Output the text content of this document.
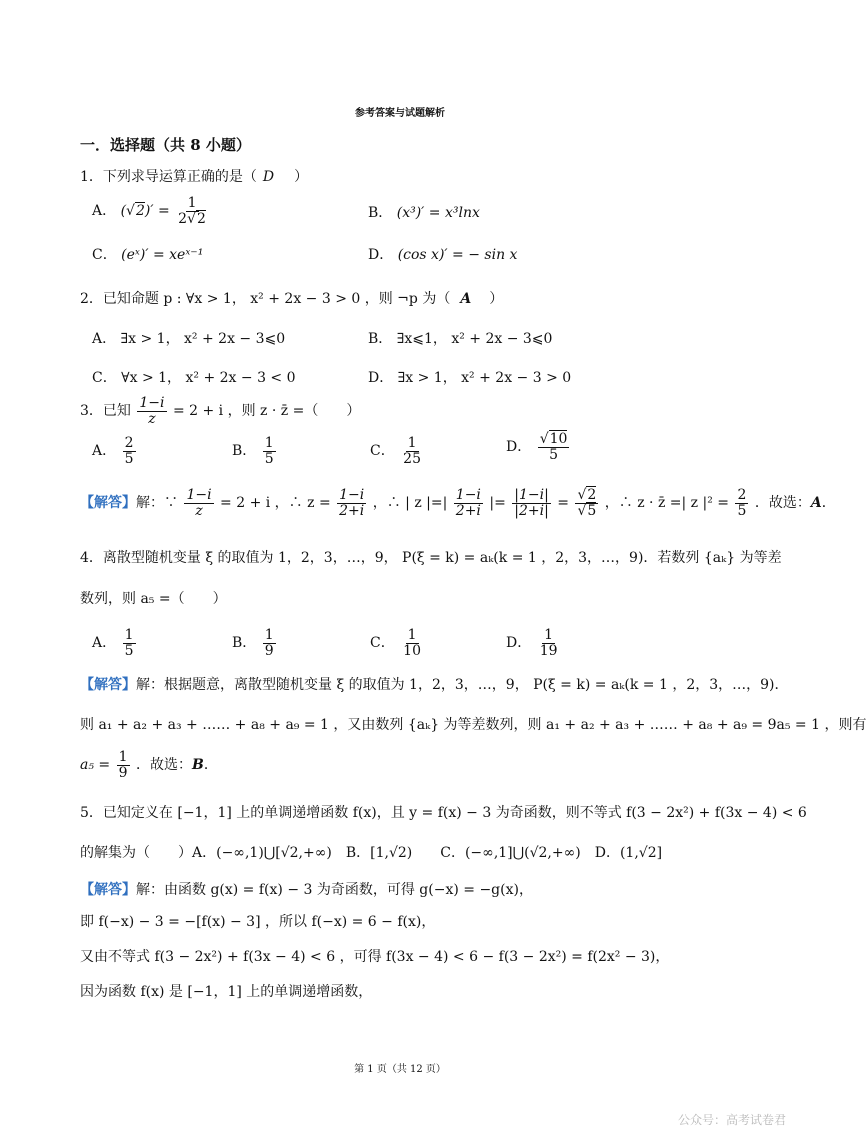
参考答案与试题解析
一．选择题（共 8 小题）
1．下列求导运算正确的是（ D ）
A． $(√2)' = \frac{1}{2√2}$	B． (x³)′ = x³lnx
C． (eˣ)′ = xeˣ⁻¹	D． (cos x)′ = − sin x
2．已知命题 p : ∀x > 1， x² + 2x − 3 > 0 ，则 ¬p 为（ A ）
A． ∃x > 1， x² + 2x − 3⩽0	B． ∃x⩽1， x² + 2x − 3⩽0
C． ∀x > 1， x² + 2x − 3 < 0	D． ∃x > 1， x² + 2x − 3 > 0
3．已知 $\frac{1-i}{z} = 2 + i$ ，则 z · z̄ =（　　）
A． $\frac{2}{5}$	B． $\frac{1}{5}$	C． $\frac{1}{25}$	D． $\frac{√10}{5}$
【解答】解：∵ $\frac{1-i}{z} = 2 + i$ ，∴ $z = \frac{1-i}{2+i}$ ，∴ | z |=| $\frac{1-i}{2+i}$ |= $\frac{|1-i|}{|2+i|} = \frac{√2}{√5}$ ，∴ z · z̄ =| z $|^2 = \frac{2}{5}$ ．故选：A．
4．离散型随机变量 ξ 的取值为 1，2，3，…，9， P(ξ = k) = aₖ(k = 1 ，2，3，…，9)．若数列 {aₖ} 为等差
数列，则 a₅ =（　　）
A． $\frac{1}{5}$	B． $\frac{1}{9}$	C． $\frac{1}{10}$	D． $\frac{1}{19}$
【解答】解：根据题意，离散型随机变量 ξ 的取值为 1，2，3，…，9， P(ξ = k) = aₖ(k = 1 ，2，3，…，9)．
则 a₁ + a₂ + a₃ + …… + a₈ + a₉ = 1 ，又由数列 {aₖ} 为等差数列，则 a₁ + a₂ + a₃ + …… + a₈ + a₉ = 9a₅ = 1 ，则有
$a_5 = \frac{1}{9}$ ．故选：B．
5．已知定义在 [−1，1] 上的单调递增函数 f(x)，且 y = f(x) − 3 为奇函数，则不等式 f(3 − 2x²) + f(3x − 4) < 6
的解集为（　　）A．(−∞,1)⋃[√2,+∞)　B．[1,√2)　　C．(−∞,1]⋃(√2,+∞)　D．(1,√2]
【解答】解：由函数 g(x) = f(x) − 3 为奇函数，可得 g(−x) = −g(x)，
即 f(−x) − 3 = −[f(x) − 3] ，所以 f(−x) = 6 − f(x)，
又由不等式 f(3 − 2x²) + f(3x − 4) < 6 ，可得 f(3x − 4) < 6 − f(3 − 2x²) = f(2x² − 3)，
因为函数 f(x) 是 [−1，1] 上的单调递增函数，
第 1 页（共 12 页）
公众号：高考试卷君
